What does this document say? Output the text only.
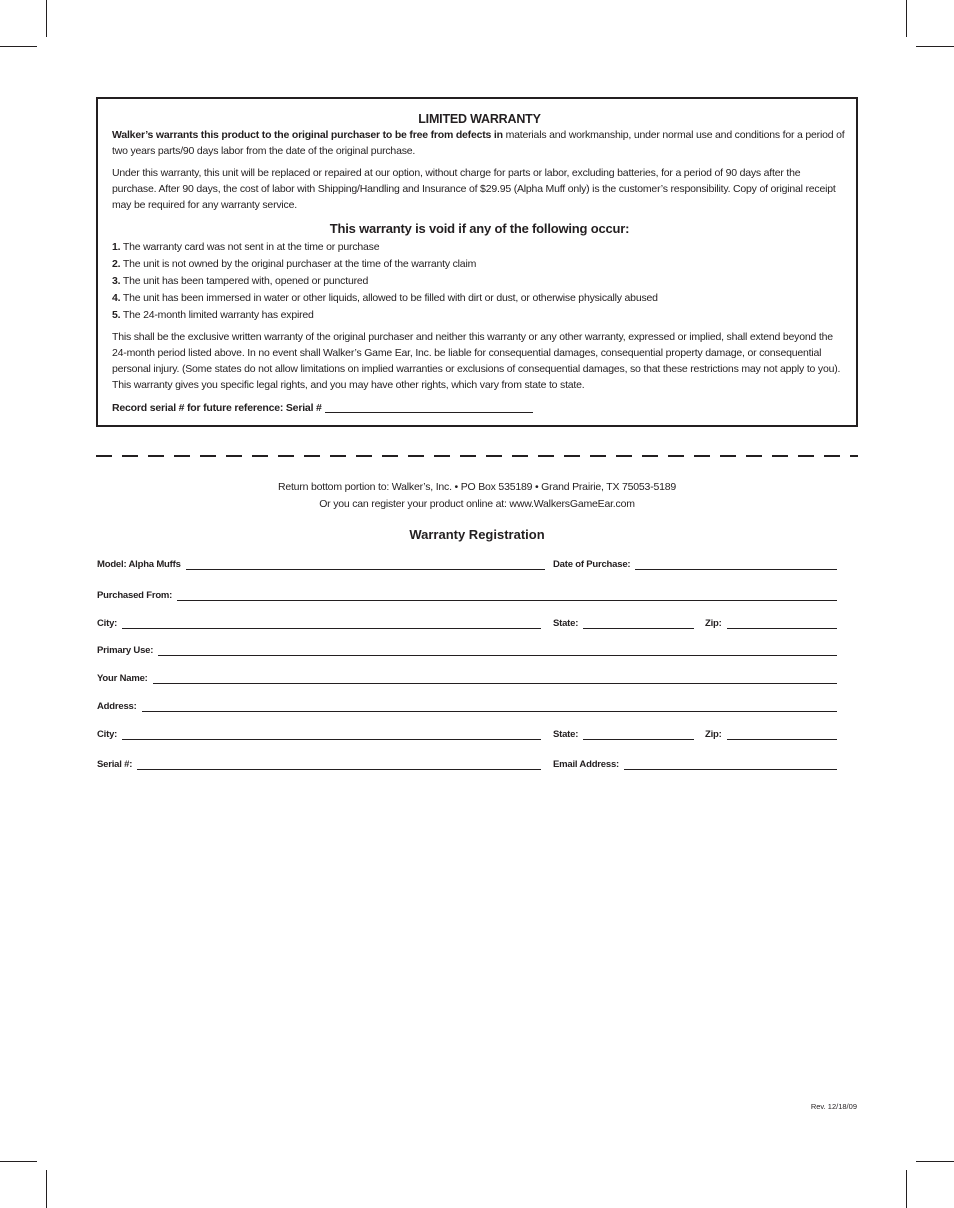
LIMITED WARRANTY

Walker’s warrants this product to the original purchaser to be free from defects in materials and workmanship, under normal use and conditions for a period of two years parts/90 days labor from the date of the original purchase.

Under this warranty, this unit will be replaced or repaired at our option, without charge for parts or labor, excluding batteries, for a period of 90 days after the purchase. After 90 days, the cost of labor with Shipping/Handling and Insurance of $29.95 (Alpha Muff only) is the customer’s responsibility. Copy of original receipt may be required for any warranty service.

This warranty is void if any of the following occur:
1. The warranty card was not sent in at the time or purchase
2. The unit is not owned by the original purchaser at the time of the warranty claim
3. The unit has been tampered with, opened or punctured
4. The unit has been immersed in water or other liquids, allowed to be filled with dirt or dust, or otherwise physically abused
5. The 24-month limited warranty has expired

This shall be the exclusive written warranty of the original purchaser and neither this warranty or any other warranty, expressed or implied, shall extend beyond the 24-month period listed above. In no event shall Walker’s Game Ear, Inc. be liable for consequential damages, consequential property damage, or consequential personal injury. (Some states do not allow limitations on implied warranties or exclusions of consequential damages, so that these restrictions may not apply to you). This warranty gives you specific legal rights, and you may have other rights, which vary from state to state.

Record serial # for future reference: Serial #
Return bottom portion to: Walker’s, Inc. • PO Box 535189 • Grand Prairie, TX 75053-5189
Or you can register your product online at: www.WalkersGameEar.com
Warranty Registration
Model: Alpha Muffs	Date of Purchase:
Purchased From:
City:	State:	Zip:
Primary Use:
Your Name:
Address:
City:	State:	Zip:
Serial #:	Email Address:
Rev. 12/18/09
